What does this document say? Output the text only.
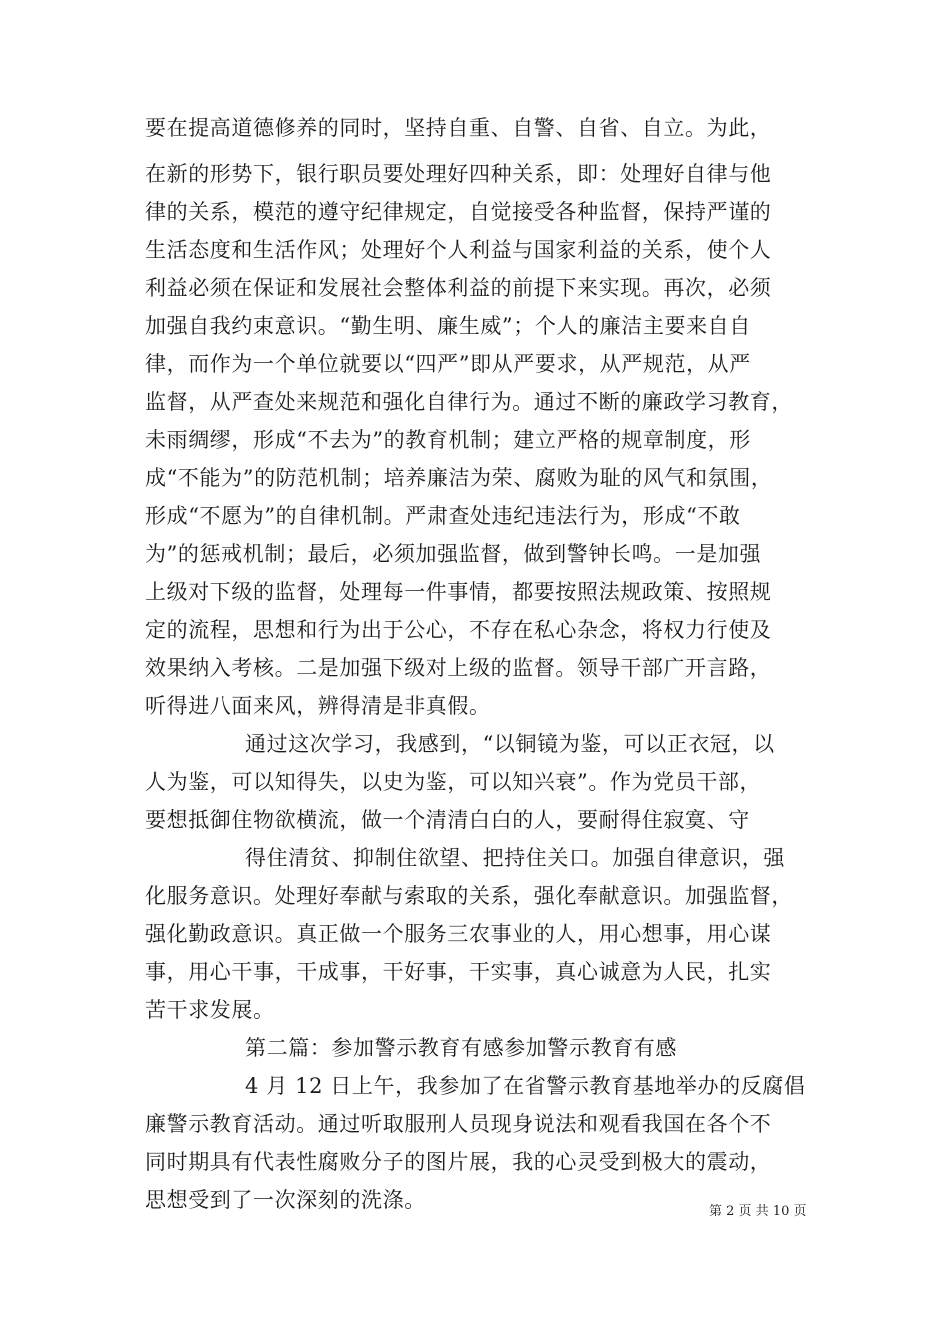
要在提高道德修养的同时，坚持自重、自警、自省、自立。为此，
在新的形势下，银行职员要处理好四种关系，即：处理好自律与他
律的关系，模范的遵守纪律规定，自觉接受各种监督，保持严谨的
生活态度和生活作风；处理好个人利益与国家利益的关系，使个人
利益必须在保证和发展社会整体利益的前提下来实现。再次，必须
加强自我约束意识。“勤生明、廉生威”；个人的廉洁主要来自自
律，而作为一个单位就要以“四严”即从严要求，从严规范，从严
监督，从严查处来规范和强化自律行为。通过不断的廉政学习教育，
未雨绸缪，形成“不去为”的教育机制；建立严格的规章制度，形
成“不能为”的防范机制；培养廉洁为荣、腐败为耻的风气和氛围，
形成“不愿为”的自律机制。严肃查处违纪违法行为，形成“不敢
为”的惩戒机制；最后，必须加强监督，做到警钟长鸣。一是加强
上级对下级的监督，处理每一件事情，都要按照法规政策、按照规
定的流程，思想和行为出于公心，不存在私心杂念，将权力行使及
效果纳入考核。二是加强下级对上级的监督。领导干部广开言路，
听得进八面来风，辨得清是非真假。
通过这次学习，我感到，“以铜镜为鉴，可以正衣冠，以
人为鉴，可以知得失，以史为鉴，可以知兴衰”。作为党员干部，
要想抵御住物欲横流，做一个清清白白的人，要耐得住寂寞、守
得住清贫、抑制住欲望、把持住关口。加强自律意识，强
化服务意识。处理好奉献与索取的关系，强化奉献意识。加强监督，
强化勤政意识。真正做一个服务三农事业的人，用心想事，用心谋
事，用心干事，干成事，干好事，干实事，真心诚意为人民，扎实
苦干求发展。
第二篇：参加警示教育有感参加警示教育有感
4 月 12 日上午，我参加了在省警示教育基地举办的反腐倡
廉警示教育活动。通过听取服刑人员现身说法和观看我国在各个不
同时期具有代表性腐败分子的图片展，我的心灵受到极大的震动，
思想受到了一次深刻的洗涤。	第 2 页 共 10 页
